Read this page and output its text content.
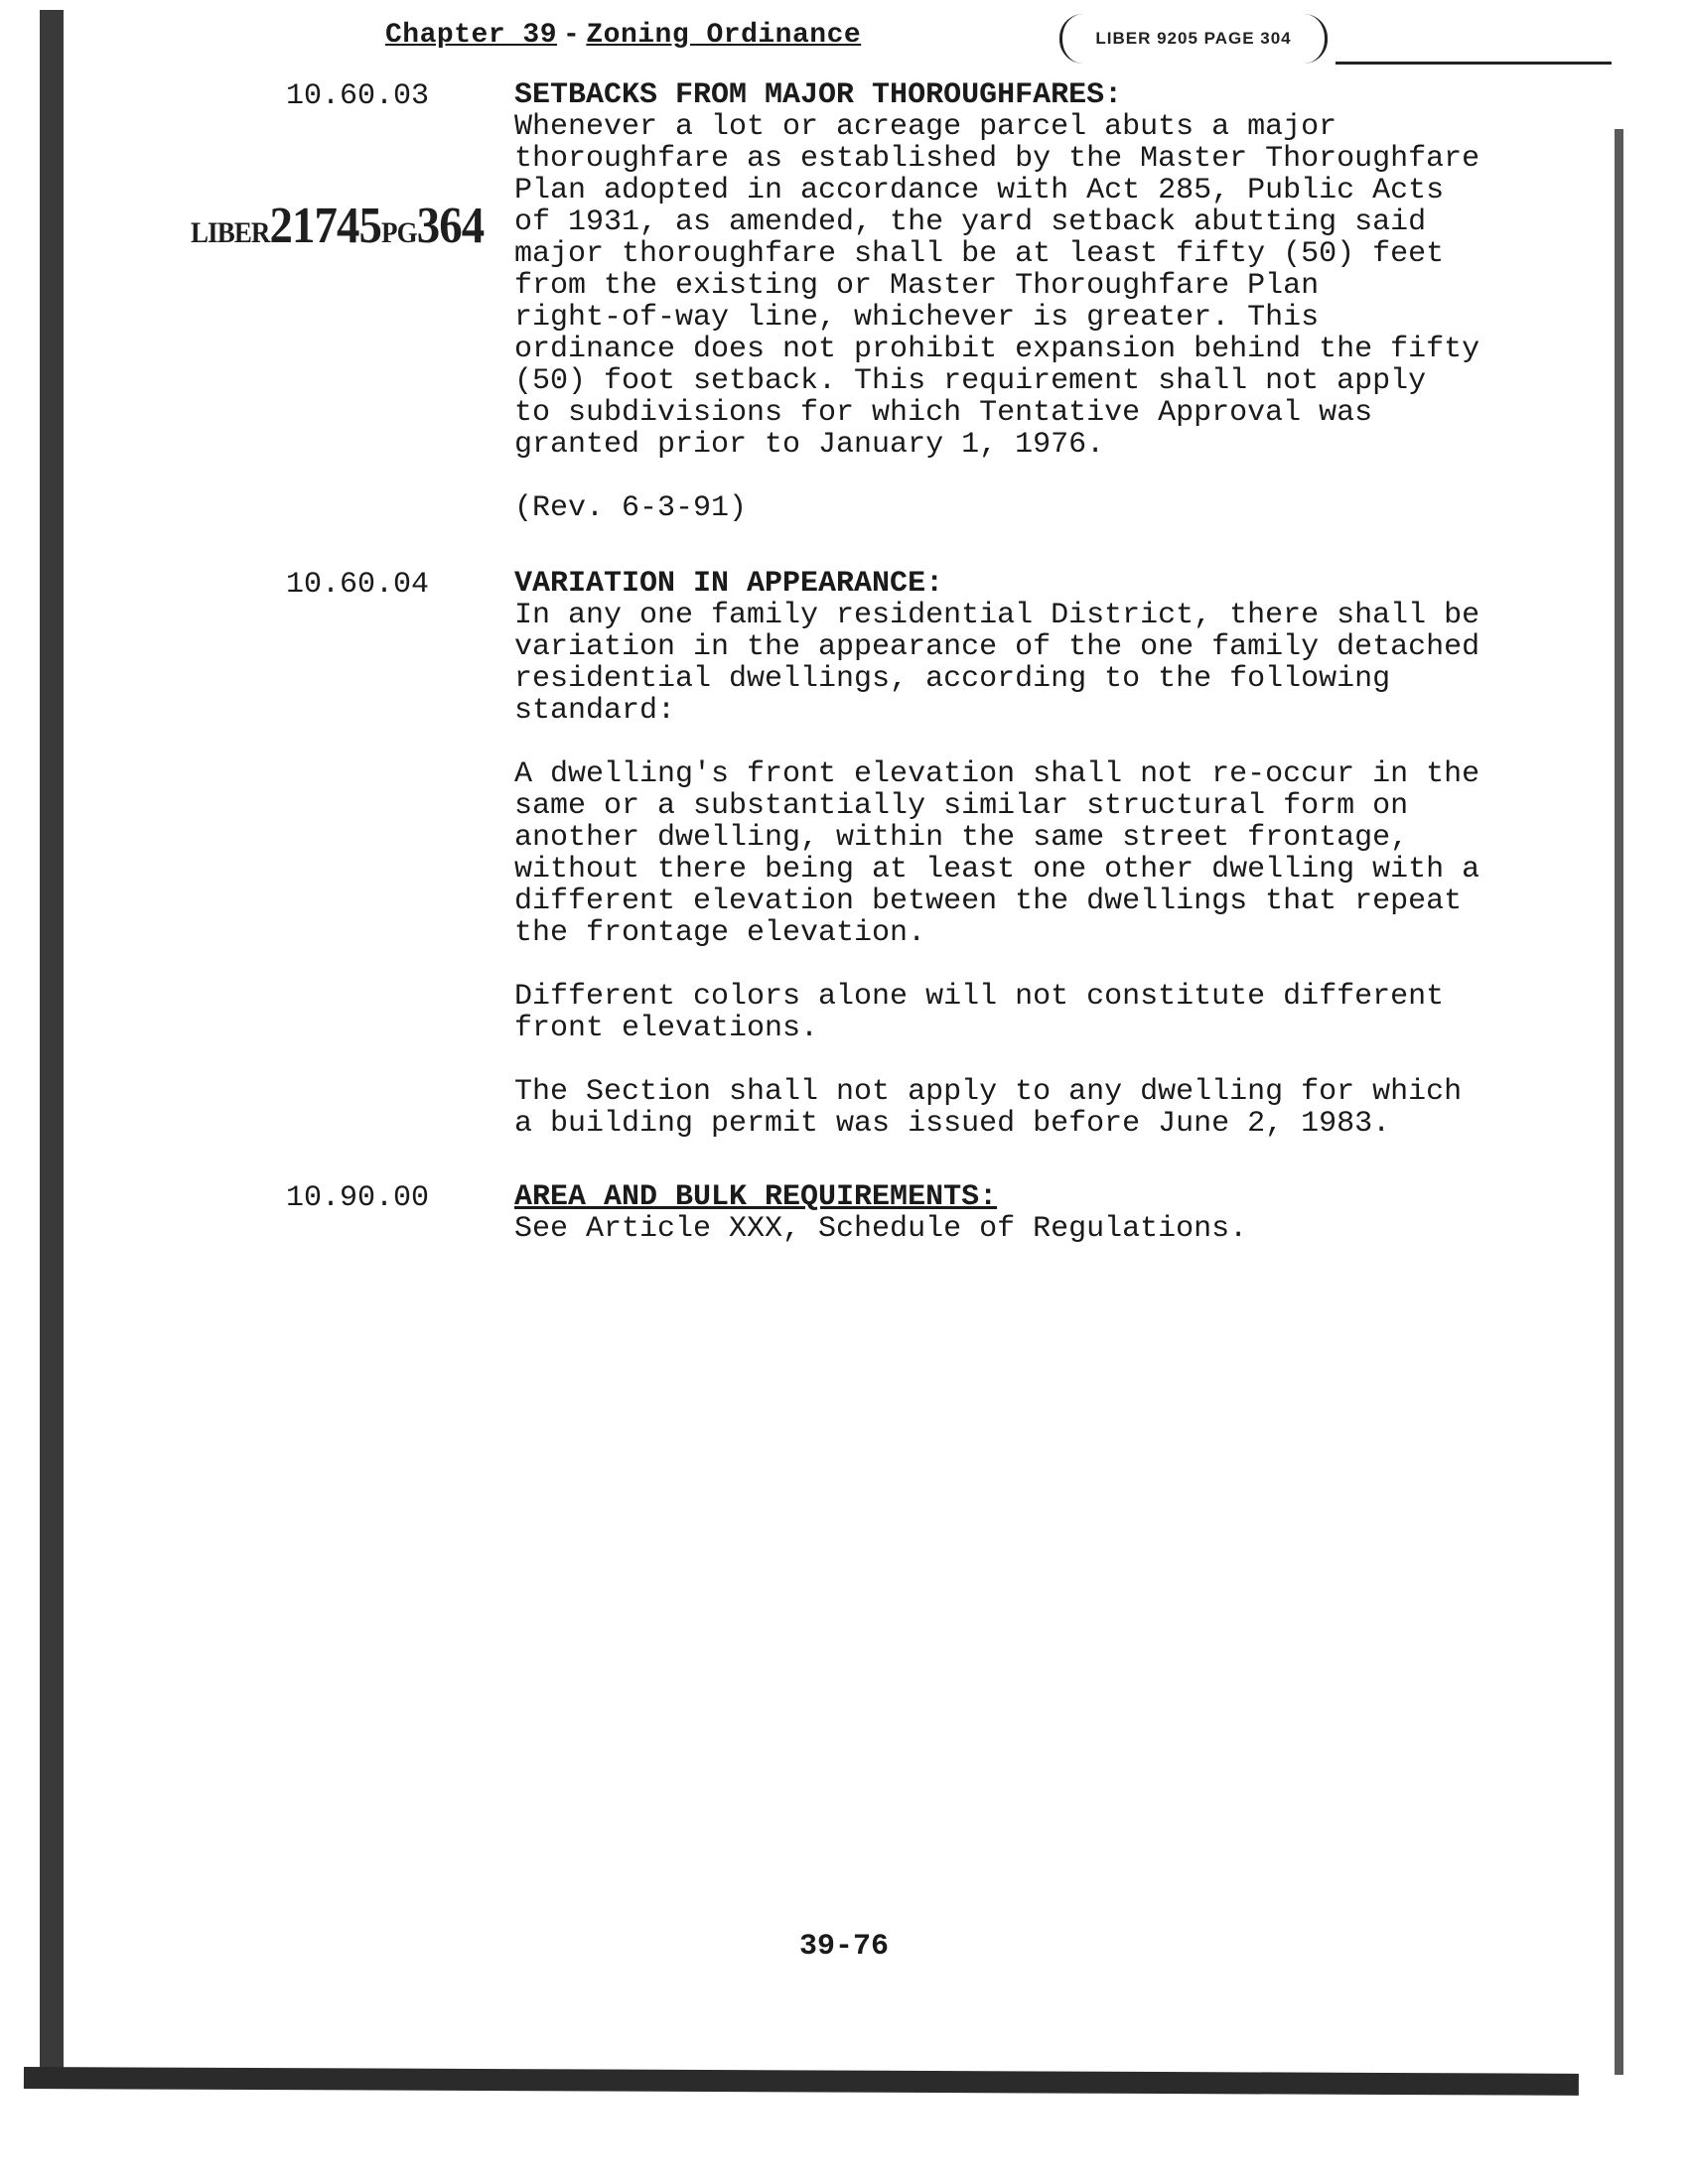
Chapter 39 - Zoning Ordinance	LIBER 9205 PAGE 304
LIBER21745PG364
10.60.03	SETBACKS FROM MAJOR THOROUGHFARES:

Whenever a lot or acreage parcel abuts a major
thoroughfare as established by the Master Thoroughfare
Plan adopted in accordance with Act 285, Public Acts
of 1931, as amended, the yard setback abutting said
major thoroughfare shall be at least fifty (50) feet
from the existing or Master Thoroughfare Plan
right-of-way line, whichever is greater. This
ordinance does not prohibit expansion behind the fifty
(50) foot setback. This requirement shall not apply
to subdivisions for which Tentative Approval was
granted prior to January 1, 1976.

(Rev. 6-3-91)

10.60.04	VARIATION IN APPEARANCE:

In any one family residential District, there shall be
variation in the appearance of the one family detached
residential dwellings, according to the following
standard:

A dwelling's front elevation shall not re-occur in the
same or a substantially similar structural form on
another dwelling, within the same street frontage,
without there being at least one other dwelling with a
different elevation between the dwellings that repeat
the frontage elevation.

Different colors alone will not constitute different
front elevations.

The Section shall not apply to any dwelling for which
a building permit was issued before June 2, 1983.

10.90.00	AREA AND BULK REQUIREMENTS:

See Article XXX, Schedule of Regulations.

39-76
